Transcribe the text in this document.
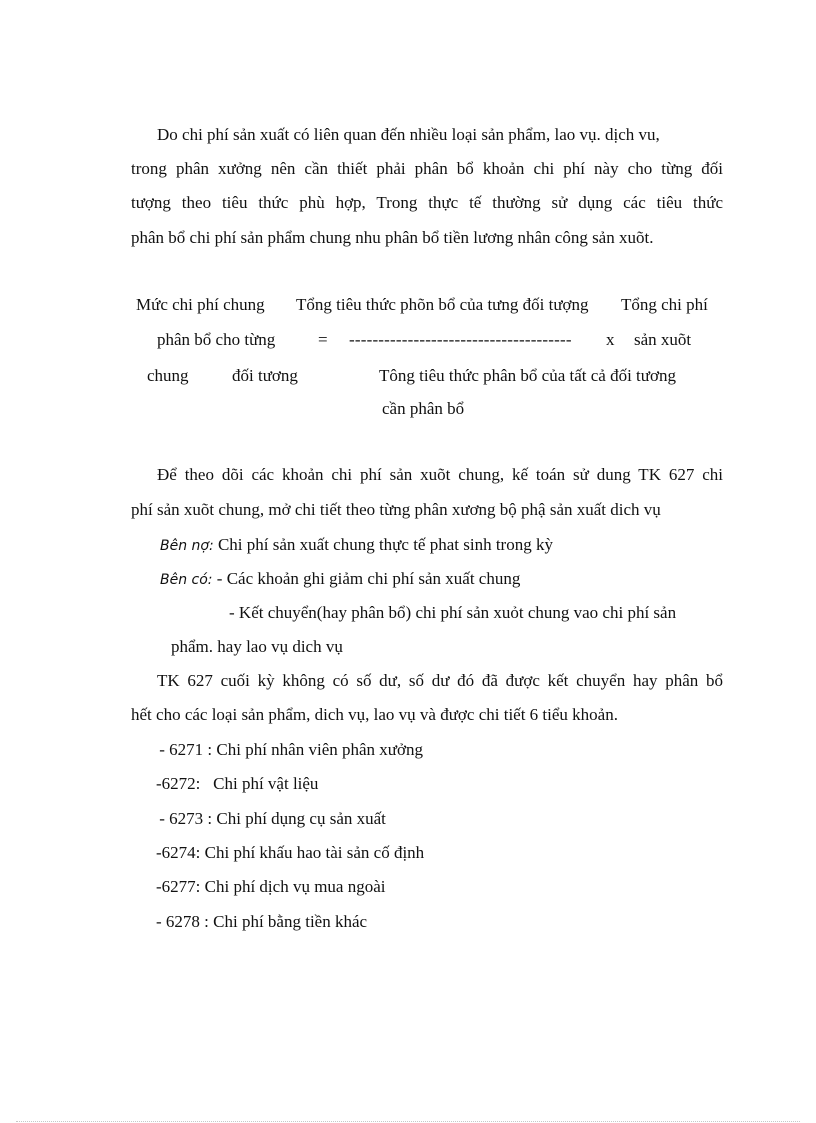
Do chi phí sản xuất có liên quan đến nhiều loại sản phẩm, lao vụ. dịch vu,
trong phân xưởng nên cần thiết phải phân bổ khoản chi phí này cho từng đối
tượng theo tiêu thức phù hợp, Trong thực tế thường sử dụng các tiêu thức
phân bổ chi phí sản phẩm chung nhu phân bổ tiền lương nhân công sản xuõt.
Mức chi phí chung Tổng tiêu thức phõn bổ của tưng đối tượng Tổng chi phí
phân bổ cho từng	= -------------------------------------- x sản xuõt
chung	đối tương	Tông tiêu thức phân bổ của tất cả đối tương
cần phân bổ
Để theo dõi các khoản chi phí sản xuõt chung, kế toán sử dung TK 627 chi
phí sản xuõt chung, mở chi tiết theo từng phân xương bộ phậ sản xuất dich vụ
Bên nợ: Chi phí sản xuất chung thực tế phat sinh trong kỳ
Bên có: - Các khoản ghi giảm chi phí sản xuất chung
- Kết chuyển(hay phân bổ) chi phí sản xuỏt chung vao chi phí sản
phẩm. hay lao vụ dich vụ
TK 627 cuối kỳ không có số dư, số dư đó đã được kết chuyển hay phân bổ
hết cho các loại sản phẩm, dich vụ, lao vụ và được chi tiết 6 tiểu khoản.
- 6271 : Chi phí nhân viên phân xưởng
-6272:   Chi phí vật liệu
- 6273 : Chi phí dụng cụ sản xuất
-6274: Chi phí khấu hao tài sản cố định
-6277: Chi phí dịch vụ mua ngoài
- 6278 : Chi phí bằng tiền khác
